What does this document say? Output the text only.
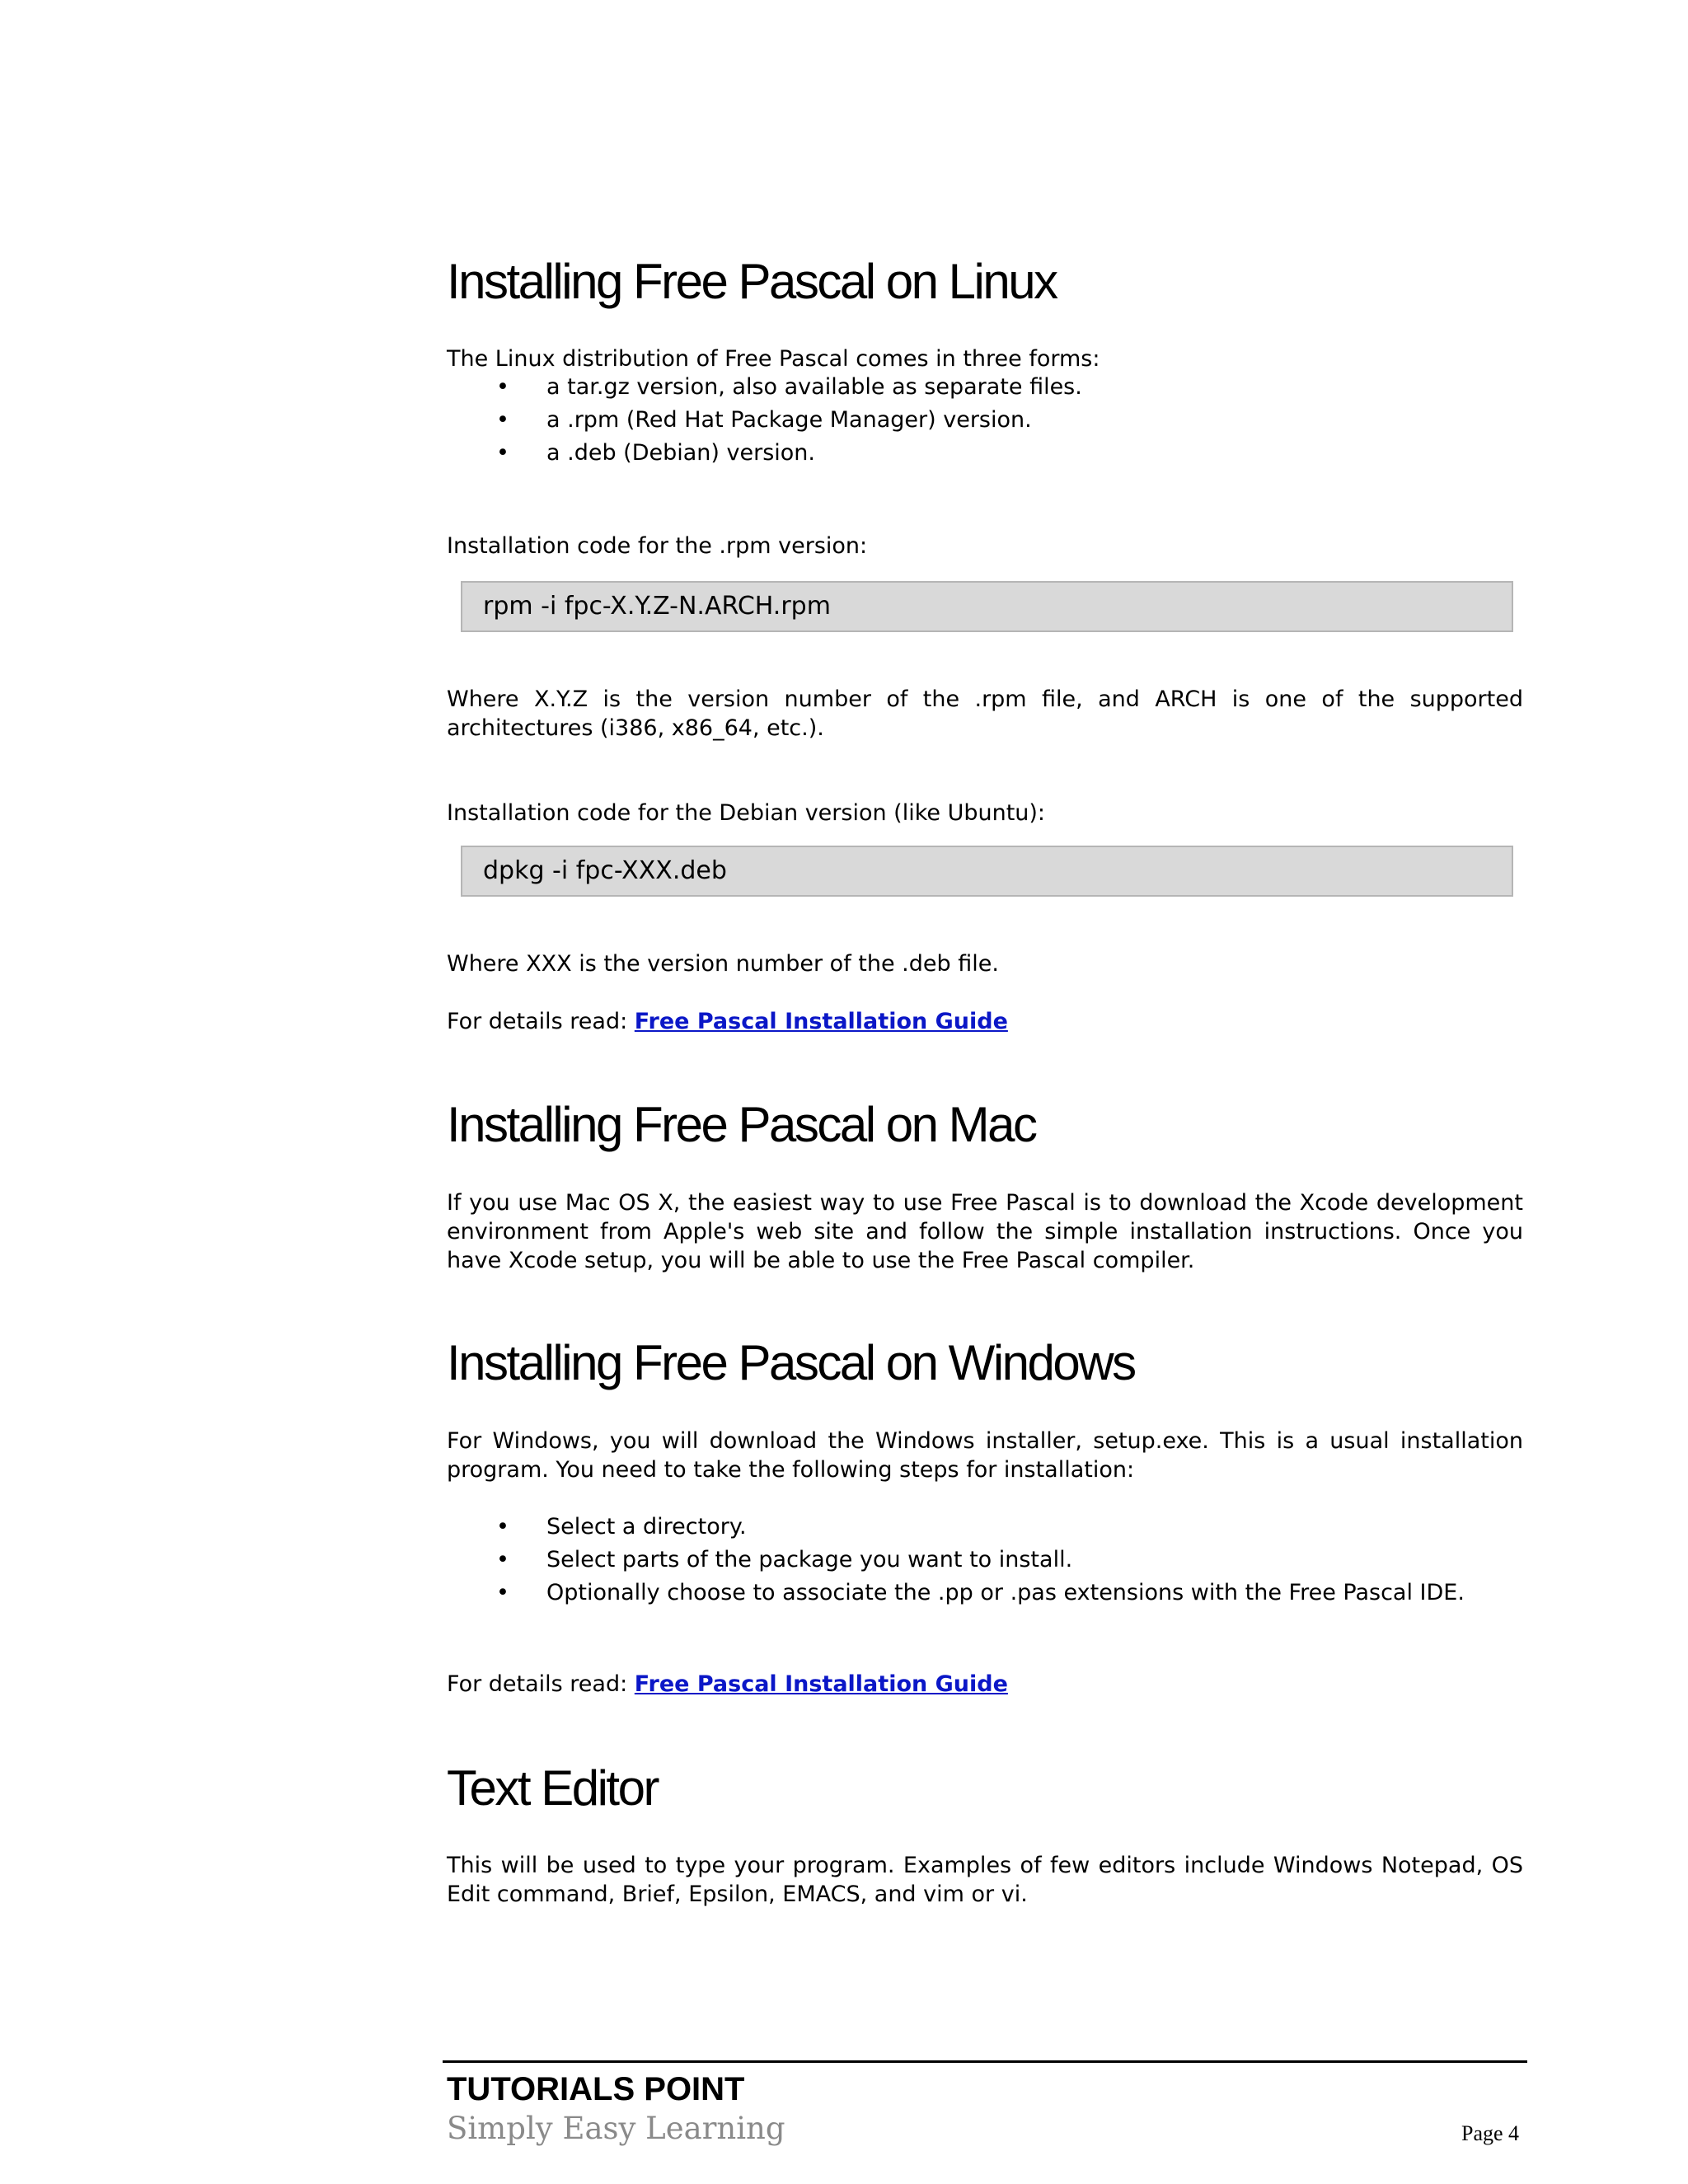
Installing Free Pascal on Linux

The Linux distribution of Free Pascal comes in three forms:

• a tar.gz version, also available as separate files.
• a .rpm (Red Hat Package Manager) version.
• a .deb (Debian) version.

Installation code for the .rpm version:

rpm -i fpc-X.Y.Z-N.ARCH.rpm

Where X.Y.Z is the version number of the .rpm file, and ARCH is one of the supported architectures (i386, x86_64, etc.).

Installation code for the Debian version (like Ubuntu):

dpkg -i fpc-XXX.deb

Where XXX is the version number of the .deb file.

For details read: Free Pascal Installation Guide

Installing Free Pascal on Mac

If you use Mac OS X, the easiest way to use Free Pascal is to download the Xcode development environment from Apple's web site and follow the simple installation instructions. Once you have Xcode setup, you will be able to use the Free Pascal compiler.

Installing Free Pascal on Windows

For Windows, you will download the Windows installer, setup.exe. This is a usual installation program. You need to take the following steps for installation:

• Select a directory.
• Select parts of the package you want to install.
• Optionally choose to associate the .pp or .pas extensions with the Free Pascal IDE.

For details read: Free Pascal Installation Guide

Text Editor

This will be used to type your program. Examples of few editors include Windows Notepad, OS Edit command, Brief, Epsilon, EMACS, and vim or vi.

TUTORIALS POINT
Simply Easy Learning	Page 4
